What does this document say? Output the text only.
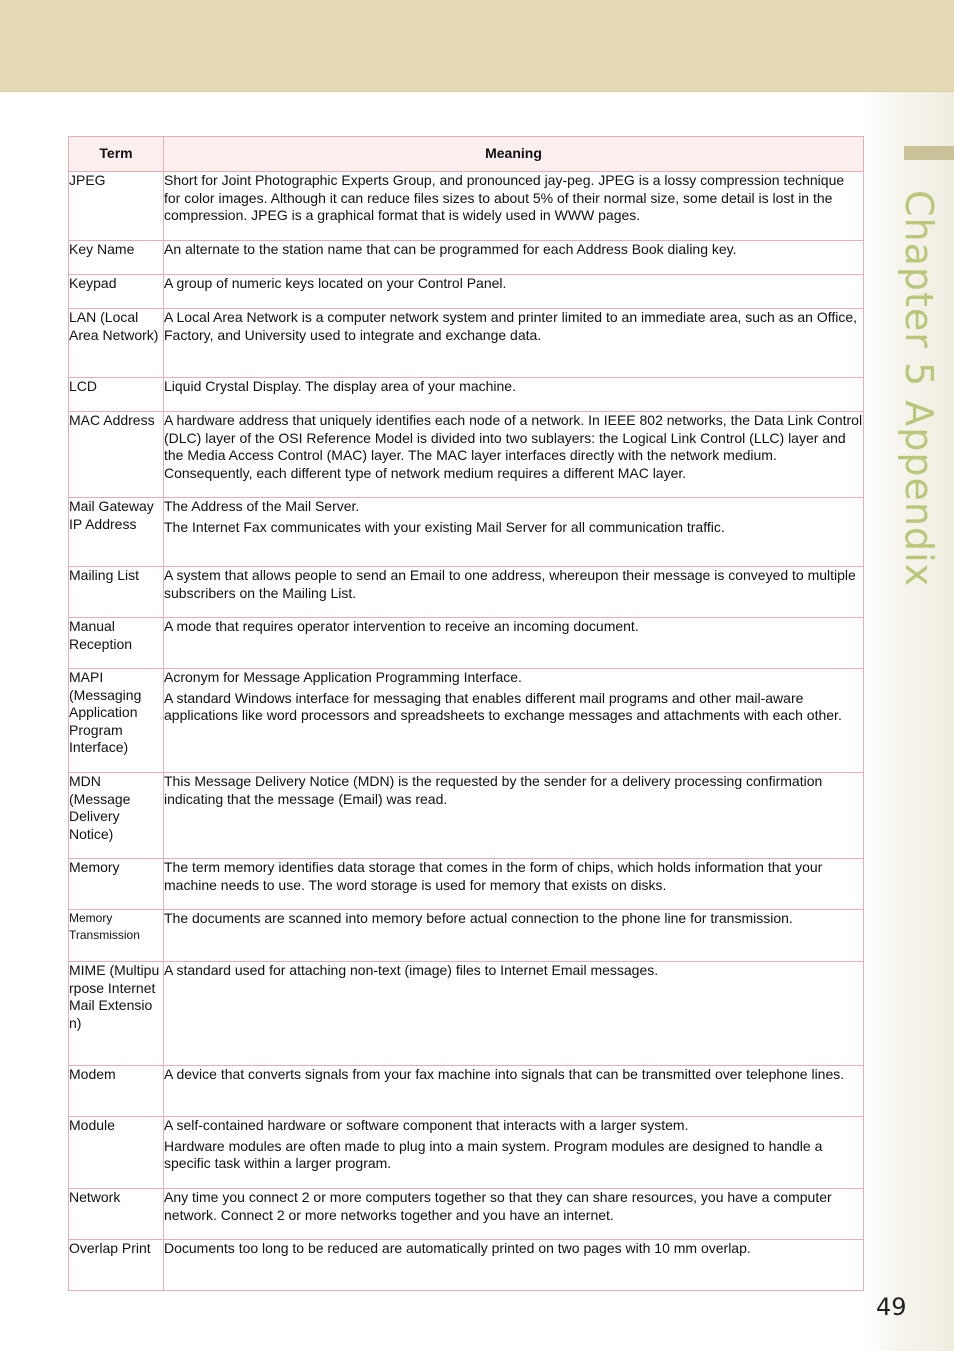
Chapter 5 Appendix
Term	Meaning
JPEG	Short for Joint Photographic Experts Group, and pronounced jay-peg. JPEG is a lossy compression technique for color images. Although it can reduce files sizes to about 5% of their normal size, some detail is lost in the compression. JPEG is a graphical format that is widely used in WWW pages.

Key Name	An alternate to the station name that can be programmed for each Address Book dialing key.

Keypad	A group of numeric keys located on your Control Panel.

LAN (Local Area Network)	A Local Area Network is a computer network system and printer limited to an immediate area, such as an Office, Factory, and University used to integrate and exchange data.

LCD	Liquid Crystal Display. The display area of your machine.

MAC Address	A hardware address that uniquely identifies each node of a network. In IEEE 802 networks, the Data Link Control (DLC) layer of the OSI Reference Model is divided into two sublayers: the Logical Link Control (LLC) layer and the Media Access Control (MAC) layer. The MAC layer interfaces directly with the network medium. Consequently, each different type of network medium requires a different MAC layer.

Mail Gateway IP Address	The Address of the Mail Server.

The Internet Fax communicates with your existing Mail Server for all communication traffic.

Mailing List	A system that allows people to send an Email to one address, whereupon their message is conveyed to multiple subscribers on the Mailing List.

Manual Reception	A mode that requires operator intervention to receive an incoming document.

MAPI (Messaging Application Program Interface)	Acronym for Message Application Programming Interface.

A standard Windows interface for messaging that enables different mail programs and other mail-aware applications like word processors and spreadsheets to exchange messages and attachments with each other.

MDN (Message Delivery Notice)	This Message Delivery Notice (MDN) is the requested by the sender for a delivery processing confirmation indicating that the message (Email) was read.

Memory	The term memory identifies data storage that comes in the form of chips, which holds information that your machine needs to use. The word storage is used for memory that exists on disks.

Memory Transmission	The documents are scanned into memory before actual connection to the phone line for transmission.

MIME (Multipurpose Internet Mail Extension)	A standard used for attaching non-text (image) files to Internet Email messages.

Modem	A device that converts signals from your fax machine into signals that can be transmitted over telephone lines.

Module	A self-contained hardware or software component that interacts with a larger system.

Hardware modules are often made to plug into a main system. Program modules are designed to handle a specific task within a larger program.

Network	Any time you connect 2 or more computers together so that they can share resources, you have a computer network. Connect 2 or more networks together and you have an internet.

Overlap Print	Documents too long to be reduced are automatically printed on two pages with 10 mm overlap.

49
